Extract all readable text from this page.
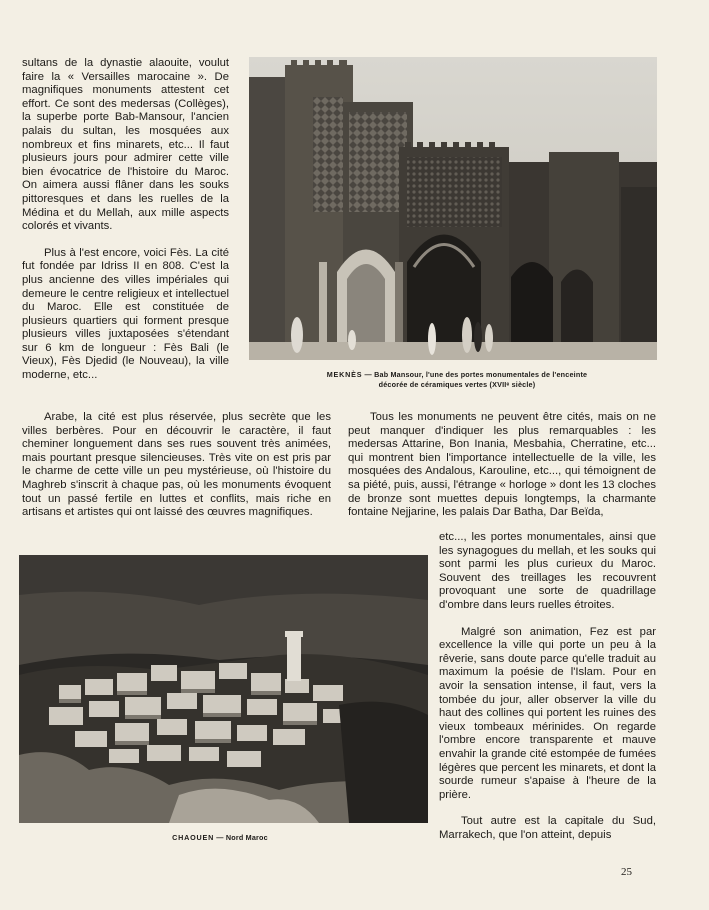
sultans de la dynastie alaouite, voulut faire la « Versailles marocaine ». De magnifiques monuments attestent cet effort. Ce sont des medersas (Collèges), la superbe porte Bab-Mansour, l'ancien palais du sultan, les mosquées aux nombreux et fins minarets, etc... Il faut plusieurs jours pour admirer cette ville bien évocatrice de l'histoire du Maroc. On aimera aussi flâner dans les souks pittoresques et dans les ruelles de la Médina et du Mellah, aux mille aspects colorés et vivants.

Plus à l'est encore, voici Fès. La cité fut fondée par Idriss II en 808. C'est la plus ancienne des villes impériales qui demeure le centre religieux et intellectuel du Maroc. Elle est constituée de plusieurs quartiers qui forment presque plusieurs villes juxtaposées s'étendant sur 6 km de longueur : Fès Bali (le Vieux), Fès Djedid (le Nouveau), la ville moderne, etc...	MEKNÈS — Bab Mansour, l'une des portes monumentales de l'enceinte
décorée de céramiques vertes (XVIIᵉ siècle)

Arabe, la cité est plus réservée, plus secrète que les villes berbères. Pour en découvrir le caractère, il faut cheminer longuement dans ses rues souvent très animées, mais pourtant presque silencieuses. Très vite on est pris par le charme de cette ville un peu mystérieuse, où l'histoire du Maghreb s'inscrit à chaque pas, où les monuments évoquent tout un passé fertile en luttes et conflits, mais riche en artisans et artistes qui ont laissé des œuvres magnifiques.

Tous les monuments ne peuvent être cités, mais on ne peut manquer d'indiquer les plus remarquables : les medersas Attarine, Bon Inania, Mesbahia, Cherratine, etc... qui montrent bien l'importance intellectuelle de la ville, les mosquées des Andalous, Karouline, etc..., qui témoignent de sa piété, puis, aussi, l'étrange « horloge » dont les 13 cloches de bronze sont muettes depuis longtemps, la charmante fontaine Nejjarine, les palais Dar Batha, Dar Beïda,

etc..., les portes monumentales, ainsi que les synagogues du mellah, et les souks qui sont parmi les plus curieux du Maroc. Souvent des treillages les recouvrent provoquant une sorte de quadrillage d'ombre dans leurs ruelles étroites.

Malgré son animation, Fez est par excellence la ville qui porte un peu à la rêverie, sans doute parce qu'elle traduit au maximum la poésie de l'Islam. Pour en avoir la sensation intense, il faut, vers la tombée du jour, aller observer la ville du haut des collines qui portent les ruines des vieux tombeaux mérinides. On regarde l'ombre encore transparente et mauve envahir la grande cité estompée de fumées légères que percent les minarets, et dont la sourde rumeur s'apaise à l'heure de la prière.

Tout autre est la capitale du Sud, Marrakech, que l'on atteint, depuis

CHAOUEN — Nord Maroc
25
